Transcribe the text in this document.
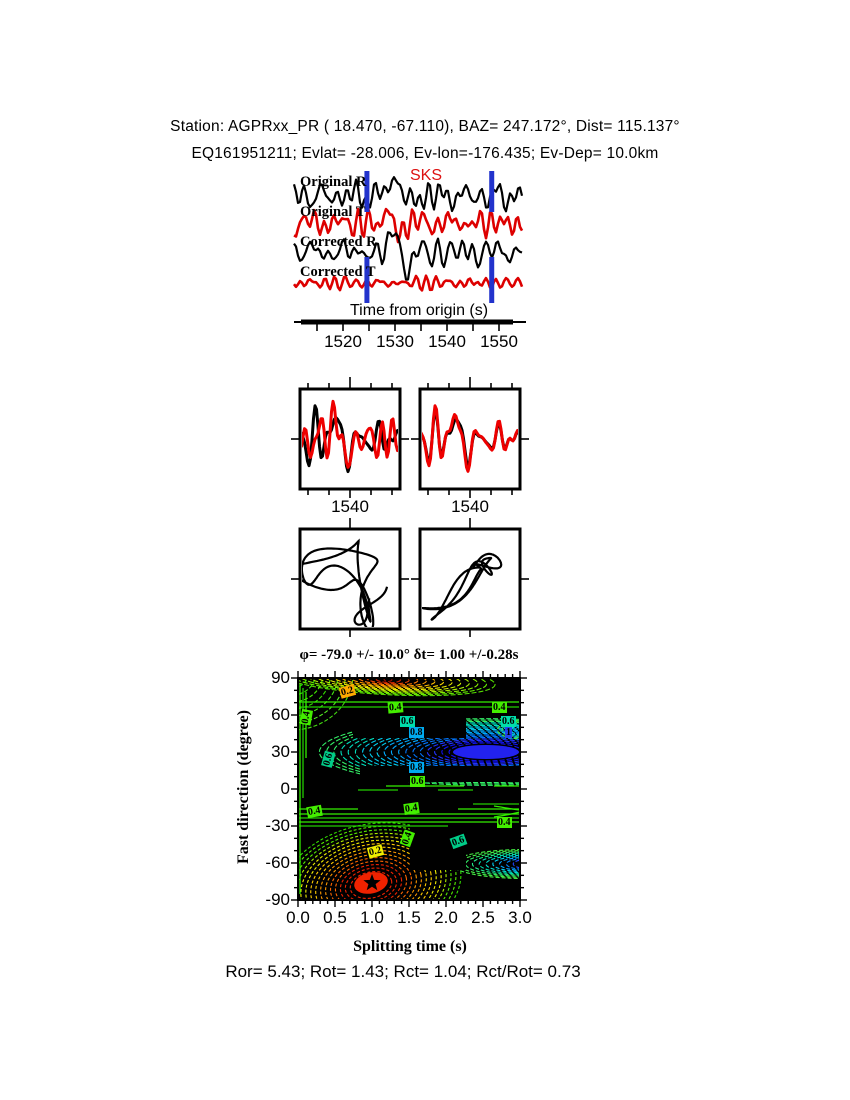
Station: AGPRxx_PR ( 18.470, -67.110), BAZ= 247.172°, Dist= 115.137°
EQ161951211; Evlat= -28.006, Ev-lon=-176.435; Ev-Dep= 10.0km
Original R
Original T
Corrected R
Corrected T
SKS
Time from origin (s)
1520 1530 1540 1550
1540	1540
φ= -79.0 +/- 10.0° δt= 1.00 +/-0.28s
Fast direction (degree)
Splitting time (s)
90
60
30
0
-30
-60
-90
0.0 0.5 1.0 1.5 2.0 2.5 3.0
0.2
0.4
0.6
0.8
0.4
0.6
1
0.4
0.6
0.8
0.6
0.4	0.4
0.4
0.4	0.6
0.2
Ror= 5.43; Rot= 1.43; Rct= 1.04; Rct/Rot= 0.73
